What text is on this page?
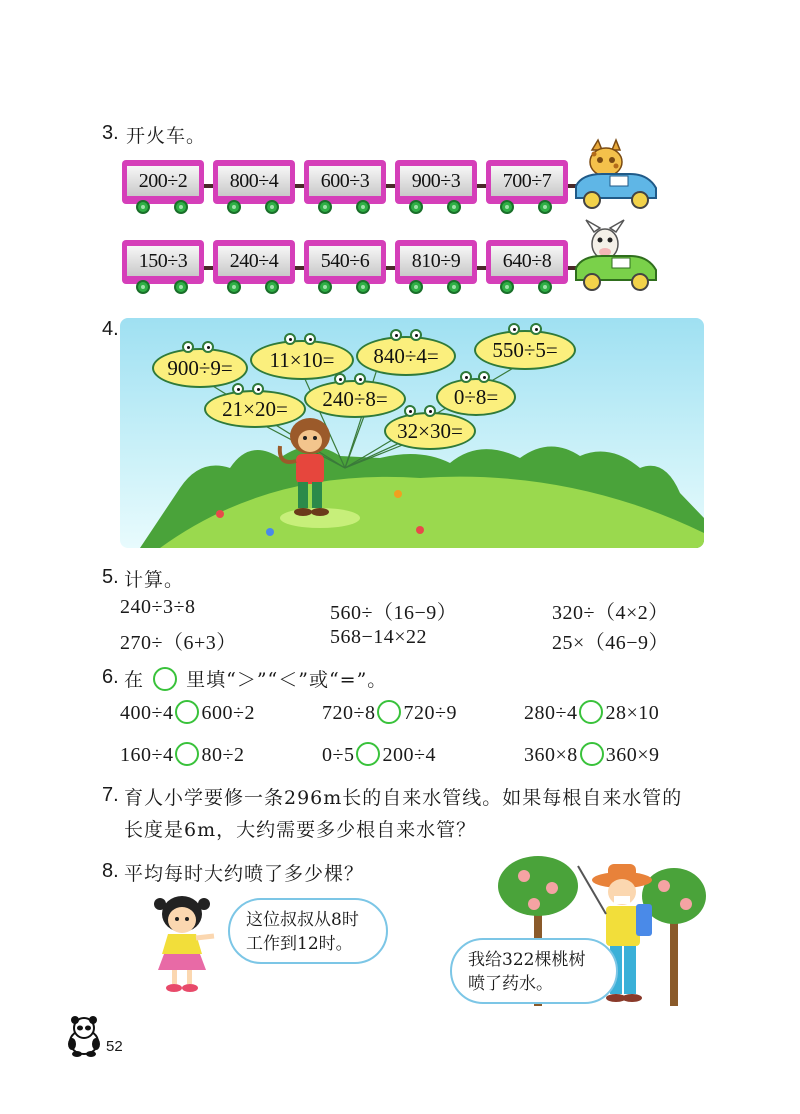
3. 开火车。
200÷2	800÷4	600÷3	900÷3	700÷7
150÷3	240÷4	540÷6	810÷9	640÷8
4.
900÷9=	11×10=	840÷4=	550÷5=
21×20=	240÷8=	0÷8=
32×30=
5. 计算。
240÷3÷8	560÷（16−9）	320÷（4×2）
270÷（6+3）	568−14×22	25×（46−9）
6. 在 里填“＞”“＜”或“=”。
400÷4 600÷2	720÷8 720÷9	280÷4 28×10
160÷4 80÷2	0÷5 200÷4	360×8 360×9
7. 育人小学要修一条296m长的自来水管线。如果每根自来水管的
长度是6m，大约需要多少根自来水管？
8. 平均每时大约喷了多少棵？
这位叔叔从8时
工作到12时。
我给322棵桃树
喷了药水。
52
